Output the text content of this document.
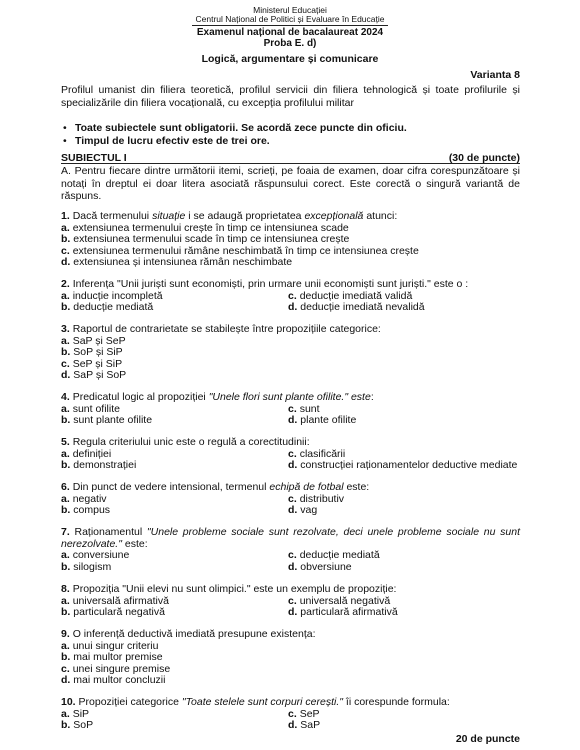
Ministerul Educației
Centrul Național de Politici și Evaluare în Educație
Examenul național de bacalaureat 2024
Proba E. d)
Logică, argumentare și comunicare
Varianta 8
Profilul umanist din filiera teoretică, profilul servicii din filiera tehnologică și toate profilurile și specializările din filiera vocațională, cu excepția profilului militar
• Toate subiectele sunt obligatorii. Se acordă zece puncte din oficiu.
• Timpul de lucru efectiv este de trei ore.
SUBIECTUL I	(30 de puncte)
A. Pentru fiecare dintre următorii itemi, scrieți, pe foaia de examen, doar cifra corespunzătoare și notați în dreptul ei doar litera asociată răspunsului corect. Este corectă o singură variantă de răspuns.
1. Dacă termenului situație i se adaugă proprietatea excepțională atunci:
a. extensiunea termenului crește în timp ce intensiunea scade
b. extensiunea termenului scade în timp ce intensiunea crește
c. extensiunea termenului rămâne neschimbată în timp ce intensiunea crește
d. extensiunea și intensiunea rămân neschimbate
2. Inferența "Unii juriști sunt economiști, prin urmare unii economiști sunt juriști." este o :
a. inducție incompletă	c. deducție imediată validă
b. deducție mediată	d. deducție imediată nevalidă
3. Raportul de contrarietate se stabilește între propozițiile categorice:
a. SaP și SeP
b. SoP și SiP
c. SeP și SiP
d. SaP și SoP
4. Predicatul logic al propoziției "Unele flori sunt plante ofilite." este:
a. sunt ofilite	c. sunt
b. sunt plante ofilite	d. plante ofilite
5. Regula criteriului unic este o regulă a corectitudinii:
a. definiției	c. clasificării
b. demonstrației	d. construcției raționamentelor deductive mediate
6. Din punct de vedere intensional, termenul echipă de fotbal este:
a. negativ	c. distributiv
b. compus	d. vag
7. Raționamentul "Unele probleme sociale sunt rezolvate, deci unele probleme sociale nu sunt nerezolvate." este:
a. conversiune	c. deducție mediată
b. silogism	d. obversiune
8. Propoziția "Unii elevi nu sunt olimpici." este un exemplu de propoziție:
a. universală afirmativă	c. universală negativă
b. particulară negativă	d. particulară afirmativă
9. O inferență deductivă imediată presupune existența:
a. unui singur criteriu
b. mai multor premise
c. unei singure premise
d. mai multor concluzii
10. Propoziției categorice "Toate stelele sunt corpuri cerești." îi corespunde formula:
a. SiP	c. SeP
b. SoP	d. SaP
20 de puncte
